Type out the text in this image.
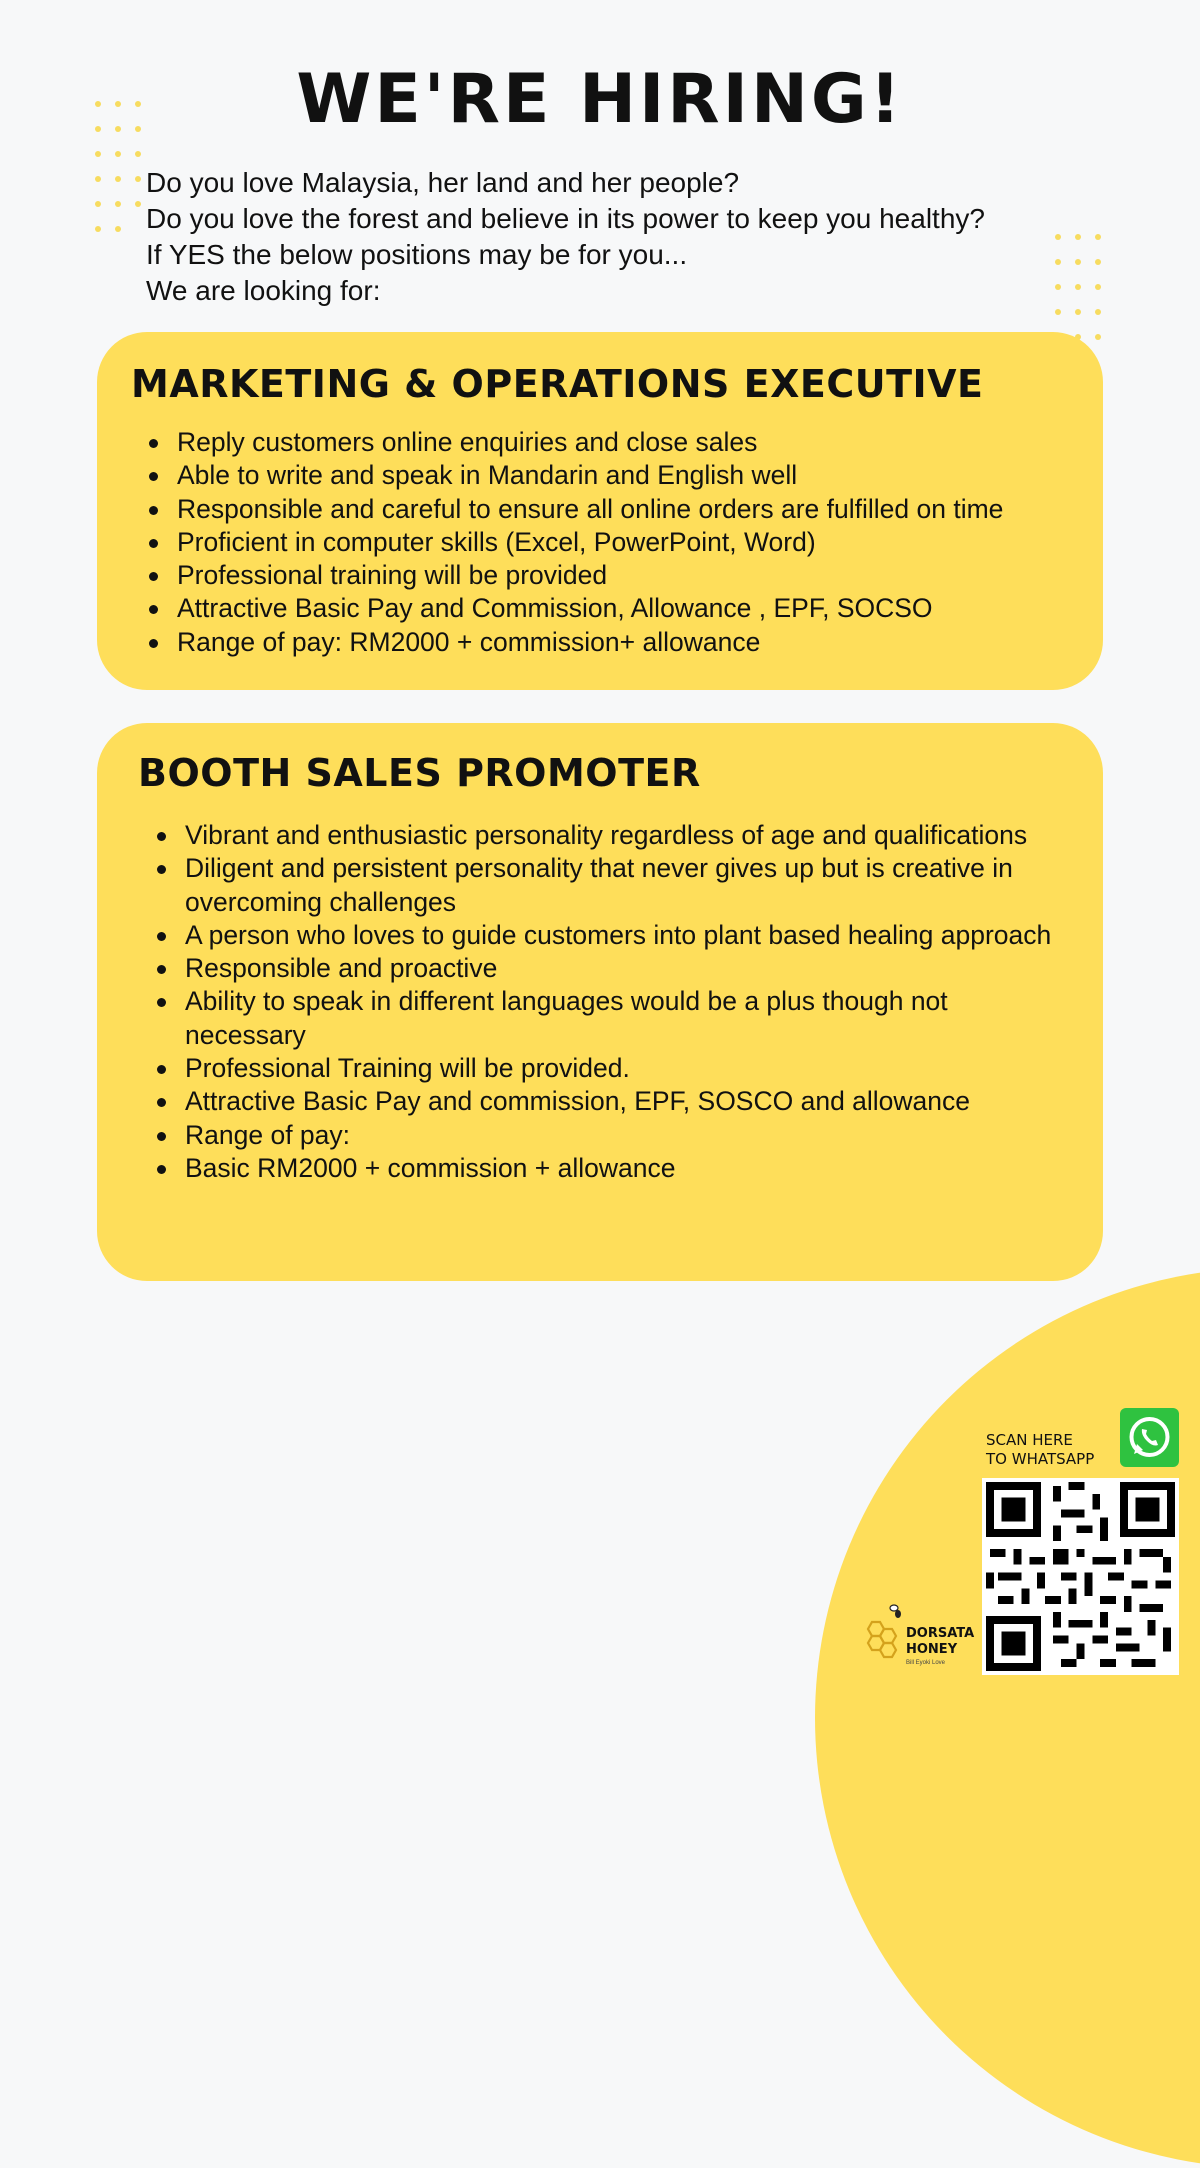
WE'RE HIRING!
Do you love Malaysia, her land and her people?
Do you love the forest and believe in its power to keep you healthy?
If YES the below positions may be for you...
We are looking for:
MARKETING & OPERATIONS EXECUTIVE
Reply customers online enquiries and close sales
Able to write and speak in Mandarin and English well
Responsible and careful to ensure all online orders are fulfilled on time
Proficient in computer skills (Excel, PowerPoint, Word)
Professional training will be provided
Attractive Basic Pay and Commission, Allowance , EPF, SOCSO
Range of pay: RM2000 + commission+ allowance
BOOTH SALES PROMOTER
Vibrant and enthusiastic personality regardless of age and qualifications
Diligent and persistent personality that never gives up but is creative in overcoming challenges
A person who loves to guide customers into plant based healing approach
Responsible and proactive
Ability to speak in different languages would be a plus though not necessary
Professional Training will be provided.
Attractive Basic Pay and commission, EPF, SOSCO and allowance
Range of pay:
Basic RM2000 + commission + allowance
SCAN HERE
TO WHATSAPP
DORSATA
HONEY
Bill Eyoki Love
